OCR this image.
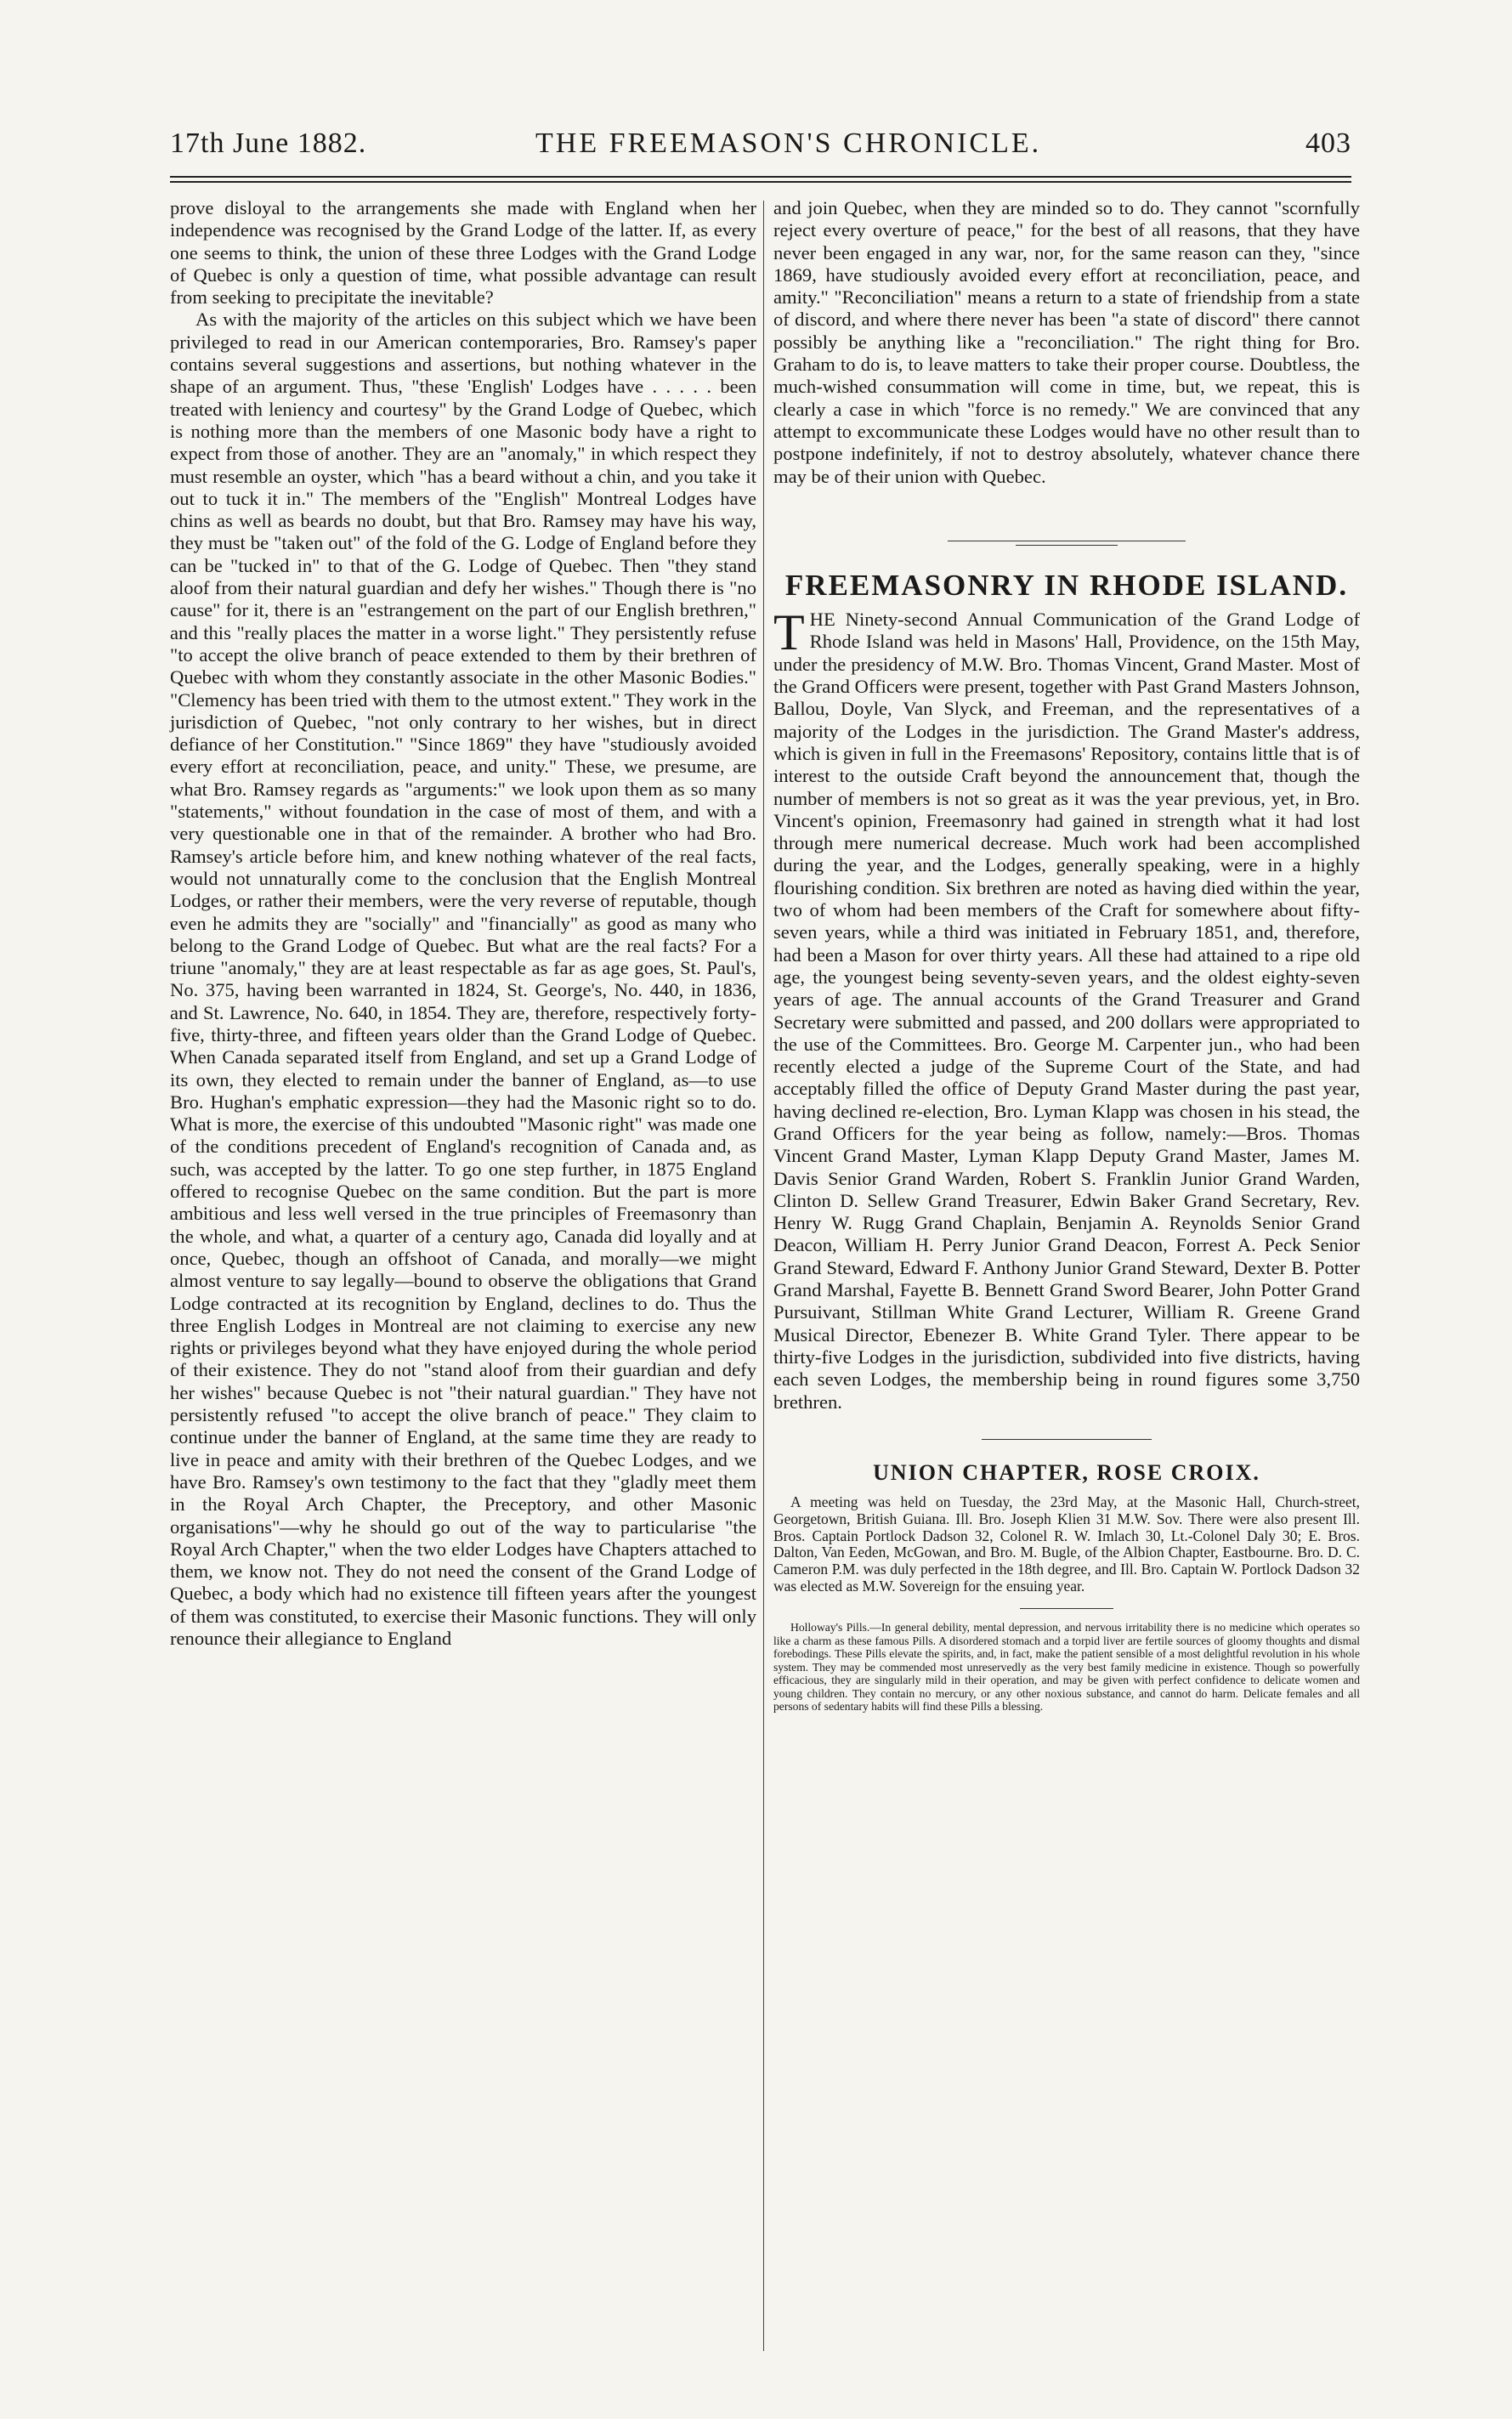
17th June 1882.	THE FREEMASON'S CHRONICLE.	403

prove disloyal to the arrangements she made with England when her independence was recognised by the Grand Lodge of the latter. If, as every one seems to think, the union of these three Lodges with the Grand Lodge of Quebec is only a question of time, what possible advantage can result from seeking to precipitate the inevitable?

As with the majority of the articles on this subject which we have been privileged to read in our American contemporaries, Bro. Ramsey's paper contains several suggestions and assertions, but nothing whatever in the shape of an argument. Thus, "these 'English' Lodges have . . . . . been treated with leniency and courtesy" by the Grand Lodge of Quebec, which is nothing more than the members of one Masonic body have a right to expect from those of another. They are an "anomaly," in which respect they must resemble an oyster, which "has a beard without a chin, and you take it out to tuck it in." The members of the "English" Montreal Lodges have chins as well as beards no doubt, but that Bro. Ramsey may have his way, they must be "taken out" of the fold of the G. Lodge of England before they can be "tucked in" to that of the G. Lodge of Quebec. Then "they stand aloof from their natural guardian and defy her wishes." Though there is "no cause" for it, there is an "estrangement on the part of our English brethren," and this "really places the matter in a worse light." They persistently refuse "to accept the olive branch of peace extended to them by their brethren of Quebec with whom they constantly associate in the other Masonic Bodies." "Clemency has been tried with them to the utmost extent." They work in the jurisdiction of Quebec, "not only contrary to her wishes, but in direct defiance of her Constitution." "Since 1869" they have "studiously avoided every effort at reconciliation, peace, and unity." These, we presume, are what Bro. Ramsey regards as "arguments:" we look upon them as so many "statements," without foundation in the case of most of them, and with a very questionable one in that of the remainder. A brother who had Bro. Ramsey's article before him, and knew nothing whatever of the real facts, would not unnaturally come to the conclusion that the English Montreal Lodges, or rather their members, were the very reverse of reputable, though even he admits they are "socially" and "financially" as good as many who belong to the Grand Lodge of Quebec. But what are the real facts? For a triune "anomaly," they are at least respectable as far as age goes, St. Paul's, No. 375, having been warranted in 1824, St. George's, No. 440, in 1836, and St. Lawrence, No. 640, in 1854. They are, therefore, respectively forty-five, thirty-three, and fifteen years older than the Grand Lodge of Quebec. When Canada separated itself from England, and set up a Grand Lodge of its own, they elected to remain under the banner of England, as—to use Bro. Hughan's emphatic expression—they had the Masonic right so to do. What is more, the exercise of this undoubted "Masonic right" was made one of the conditions precedent of England's recognition of Canada and, as such, was accepted by the latter. To go one step further, in 1875 England offered to recognise Quebec on the same condition. But the part is more ambitious and less well versed in the true principles of Freemasonry than the whole, and what, a quarter of a century ago, Canada did loyally and at once, Quebec, though an offshoot of Canada, and morally—we might almost venture to say legally—bound to observe the obligations that Grand Lodge contracted at its recognition by England, declines to do. Thus the three English Lodges in Montreal are not claiming to exercise any new rights or privileges beyond what they have enjoyed during the whole period of their existence. They do not "stand aloof from their guardian and defy her wishes" because Quebec is not "their natural guardian." They have not persistently refused "to accept the olive branch of peace." They claim to continue under the banner of England, at the same time they are ready to live in peace and amity with their brethren of the Quebec Lodges, and we have Bro. Ramsey's own testimony to the fact that they "gladly meet them in the Royal Arch Chapter, the Preceptory, and other Masonic organisations"—why he should go out of the way to particularise "the Royal Arch Chapter," when the two elder Lodges have Chapters attached to them, we know not. They do not need the consent of the Grand Lodge of Quebec, a body which had no existence till fifteen years after the youngest of them was constituted, to exercise their Masonic functions. They will only renounce their allegiance to England

and join Quebec, when they are minded so to do. They cannot "scornfully reject every overture of peace," for the best of all reasons, that they have never been engaged in any war, nor, for the same reason can they, "since 1869, have studiously avoided every effort at reconciliation, peace, and amity." "Reconciliation" means a return to a state of friendship from a state of discord, and where there never has been "a state of discord" there cannot possibly be anything like a "reconciliation." The right thing for Bro. Graham to do is, to leave matters to take their proper course. Doubtless, the much-wished consummation will come in time, but, we repeat, this is clearly a case in which "force is no remedy." We are convinced that any attempt to excommunicate these Lodges would have no other result than to postpone indefinitely, if not to destroy absolutely, whatever chance there may be of their union with Quebec.

FREEMASONRY IN RHODE ISLAND.

THE Ninety-second Annual Communication of the Grand Lodge of Rhode Island was held in Masons' Hall, Providence, on the 15th May, under the presidency of M.W. Bro. Thomas Vincent, Grand Master. Most of the Grand Officers were present, together with Past Grand Masters Johnson, Ballou, Doyle, Van Slyck, and Freeman, and the representatives of a majority of the Lodges in the jurisdiction. The Grand Master's address, which is given in full in the Freemasons' Repository, contains little that is of interest to the outside Craft beyond the announcement that, though the number of members is not so great as it was the year previous, yet, in Bro. Vincent's opinion, Freemasonry had gained in strength what it had lost through mere numerical decrease. Much work had been accomplished during the year, and the Lodges, generally speaking, were in a highly flourishing condition. Six brethren are noted as having died within the year, two of whom had been members of the Craft for somewhere about fifty-seven years, while a third was initiated in February 1851, and, therefore, had been a Mason for over thirty years. All these had attained to a ripe old age, the youngest being seventy-seven years, and the oldest eighty-seven years of age. The annual accounts of the Grand Treasurer and Grand Secretary were submitted and passed, and 200 dollars were appropriated to the use of the Committees. Bro. George M. Carpenter jun., who had been recently elected a judge of the Supreme Court of the State, and had acceptably filled the office of Deputy Grand Master during the past year, having declined re-election, Bro. Lyman Klapp was chosen in his stead, the Grand Officers for the year being as follow, namely:—Bros. Thomas Vincent Grand Master, Lyman Klapp Deputy Grand Master, James M. Davis Senior Grand Warden, Robert S. Franklin Junior Grand Warden, Clinton D. Sellew Grand Treasurer, Edwin Baker Grand Secretary, Rev. Henry W. Rugg Grand Chaplain, Benjamin A. Reynolds Senior Grand Deacon, William H. Perry Junior Grand Deacon, Forrest A. Peck Senior Grand Steward, Edward F. Anthony Junior Grand Steward, Dexter B. Potter Grand Marshal, Fayette B. Bennett Grand Sword Bearer, John Potter Grand Pursuivant, Stillman White Grand Lecturer, William R. Greene Grand Musical Director, Ebenezer B. White Grand Tyler. There appear to be thirty-five Lodges in the jurisdiction, subdivided into five districts, having each seven Lodges, the membership being in round figures some 3,750 brethren.

UNION CHAPTER, ROSE CROIX.

A meeting was held on Tuesday, the 23rd May, at the Masonic Hall, Church-street, Georgetown, British Guiana. Ill. Bro. Joseph Klien 31 M.W. Sov. There were also present Ill. Bros. Captain Portlock Dadson 32, Colonel R. W. Imlach 30, Lt.-Colonel Daly 30; E. Bros. Dalton, Van Eeden, McGowan, and Bro. M. Bugle, of the Albion Chapter, Eastbourne. Bro. D. C. Cameron P.M. was duly perfected in the 18th degree, and Ill. Bro. Captain W. Portlock Dadson 32 was elected as M.W. Sovereign for the ensuing year.

Holloway's Pills.—In general debility, mental depression, and nervous irritability there is no medicine which operates so like a charm as these famous Pills. A disordered stomach and a torpid liver are fertile sources of gloomy thoughts and dismal forebodings. These Pills elevate the spirits, and, in fact, make the patient sensible of a most delightful revolution in his whole system. They may be commended most unreservedly as the very best family medicine in existence. Though so powerfully efficacious, they are singularly mild in their operation, and may be given with perfect confidence to delicate women and young children. They contain no mercury, or any other noxious substance, and cannot do harm. Delicate females and all persons of sedentary habits will find these Pills a blessing.
